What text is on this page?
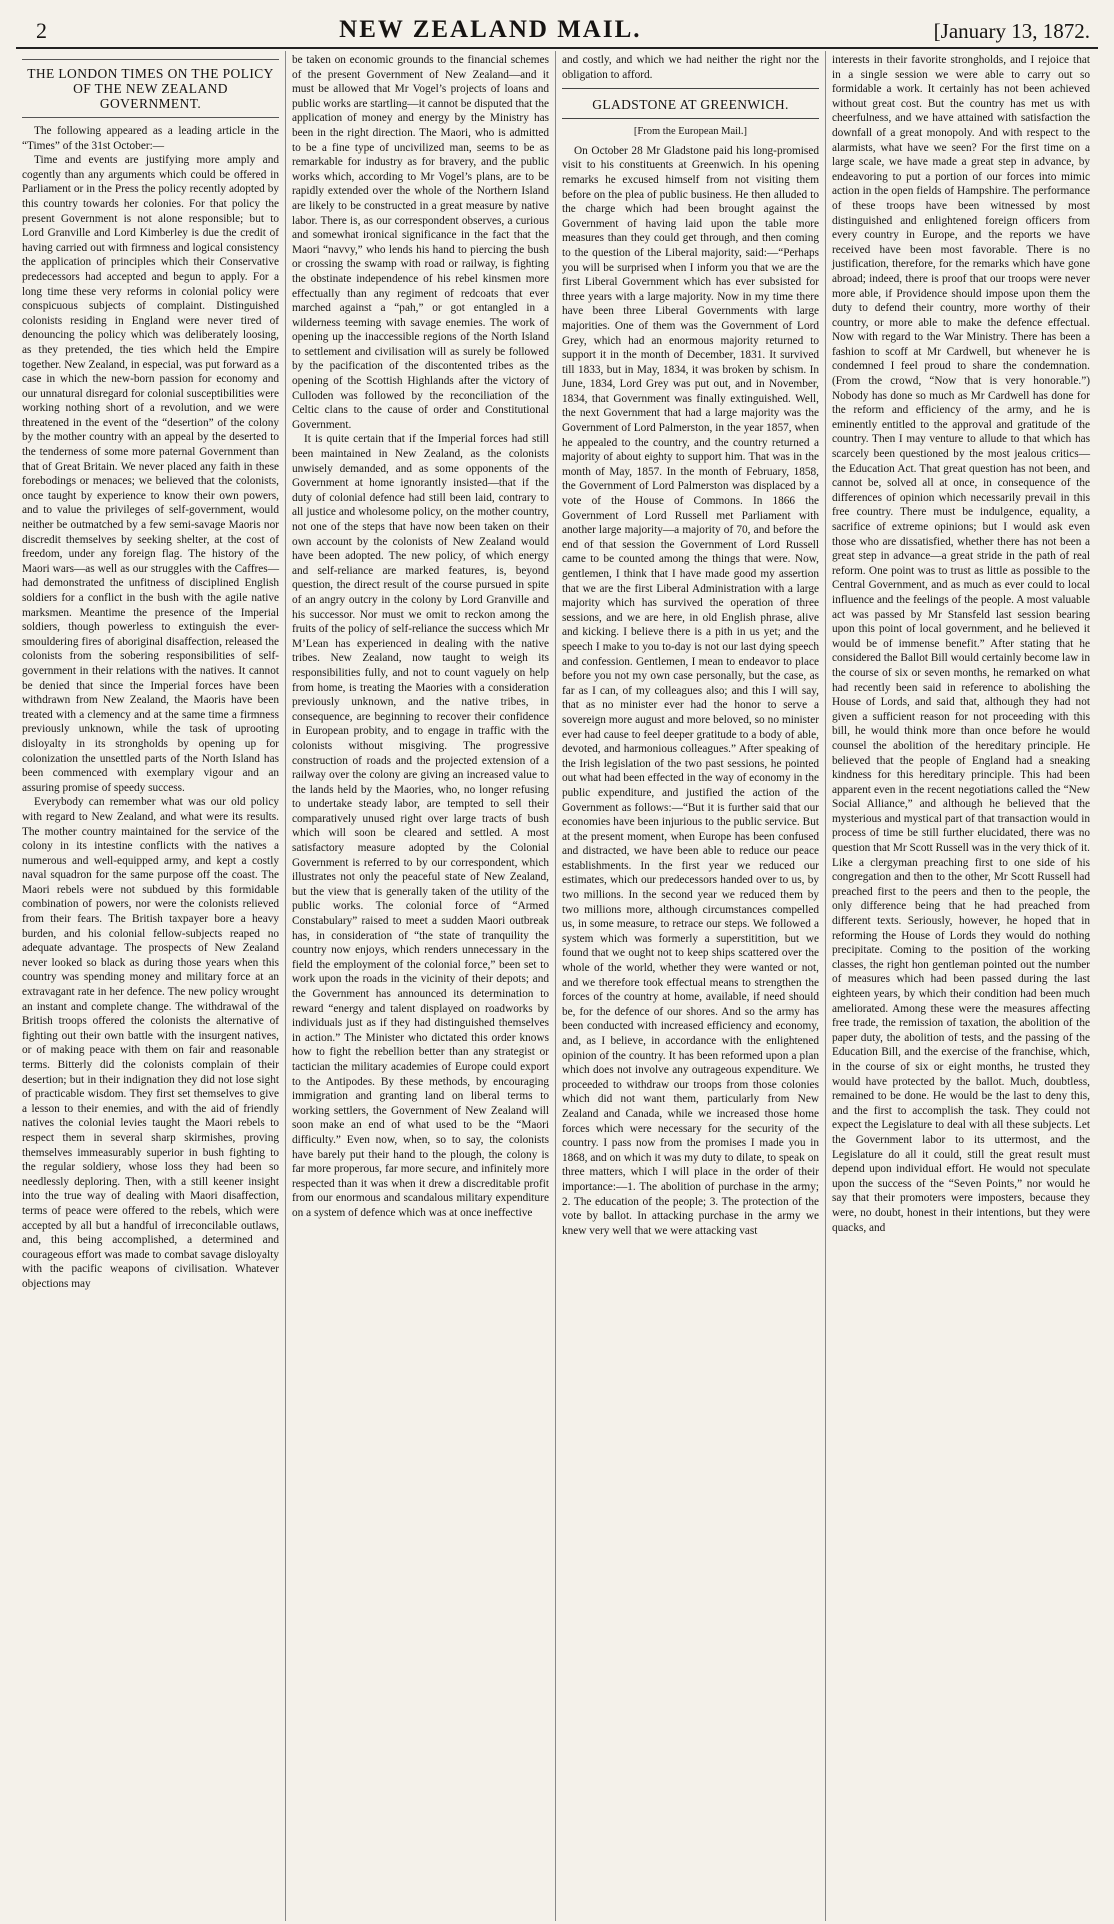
2	NEW ZEALAND MAIL.	[January 13, 1872.
THE LONDON TIMES ON THE POLICY OF THE NEW ZEALAND GOVERNMENT.

The following appeared as a leading article in the “Times” of the 31st October:—

Time and events are justifying more amply and cogently than any arguments which could be offered in Parliament or in the Press the policy recently adopted by this country towards her colonies. For that policy the present Government is not alone responsible; but to Lord Granville and Lord Kimberley is due the credit of having carried out with firmness and logical consistency the application of principles which their Conservative predecessors had accepted and begun to apply. For a long time these very reforms in colonial policy were conspicuous subjects of complaint. Distinguished colonists residing in England were never tired of denouncing the policy which was deliberately loosing, as they pretended, the ties which held the Empire together. New Zealand, in especial, was put forward as a case in which the new-born passion for economy and our unnatural disregard for colonial susceptibilities were working nothing short of a revolution, and we were threatened in the event of the “desertion” of the colony by the mother country with an appeal by the deserted to the tenderness of some more paternal Government than that of Great Britain. We never placed any faith in these forebodings or menaces; we believed that the colonists, once taught by experience to know their own powers, and to value the privileges of self-government, would neither be outmatched by a few semi-savage Maoris nor discredit themselves by seeking shelter, at the cost of freedom, under any foreign flag. The history of the Maori wars—as well as our struggles with the Caffres—had demonstrated the unfitness of disciplined English soldiers for a conflict in the bush with the agile native marksmen. Meantime the presence of the Imperial soldiers, though powerless to extinguish the ever-smouldering fires of aboriginal disaffection, released the colonists from the sobering responsibilities of self-government in their relations with the natives. It cannot be denied that since the Imperial forces have been withdrawn from New Zealand, the Maoris have been treated with a clemency and at the same time a firmness previously unknown, while the task of uprooting disloyalty in its strongholds by opening up for colonization the unsettled parts of the North Island has been commenced with exemplary vigour and an assuring promise of speedy success.

Everybody can remember what was our old policy with regard to New Zealand, and what were its results. The mother country maintained for the service of the colony in its intestine conflicts with the natives a numerous and well-equipped army, and kept a costly naval squadron for the same purpose off the coast. The Maori rebels were not subdued by this formidable combination of powers, nor were the colonists relieved from their fears. The British taxpayer bore a heavy burden, and his colonial fellow-subjects reaped no adequate advantage. The prospects of New Zealand never looked so black as during those years when this country was spending money and military force at an extravagant rate in her defence. The new policy wrought an instant and complete change. The withdrawal of the British troops offered the colonists the alternative of fighting out their own battle with the insurgent natives, or of making peace with them on fair and reasonable terms. Bitterly did the colonists complain of their desertion; but in their indignation they did not lose sight of practicable wisdom. They first set themselves to give a lesson to their enemies, and with the aid of friendly natives the colonial levies taught the Maori rebels to respect them in several sharp skirmishes, proving themselves immeasurably superior in bush fighting to the regular soldiery, whose loss they had been so needlessly deploring. Then, with a still keener insight into the true way of dealing with Maori disaffection, terms of peace were offered to the rebels, which were accepted by all but a handful of irreconcilable outlaws, and, this being accomplished, a determined and courageous effort was made to combat savage disloyalty with the pacific weapons of civilisation. Whatever objections may

be taken on economic grounds to the financial schemes of the present Government of New Zealand—and it must be allowed that Mr Vogel’s projects of loans and public works are startling—it cannot be disputed that the application of money and energy by the Ministry has been in the right direction. The Maori, who is admitted to be a fine type of uncivilized man, seems to be as remarkable for industry as for bravery, and the public works which, according to Mr Vogel’s plans, are to be rapidly extended over the whole of the Northern Island are likely to be constructed in a great measure by native labor. There is, as our correspondent observes, a curious and somewhat ironical significance in the fact that the Maori “navvy,” who lends his hand to piercing the bush or crossing the swamp with road or railway, is fighting the obstinate independence of his rebel kinsmen more effectually than any regiment of redcoats that ever marched against a “pah,” or got entangled in a wilderness teeming with savage enemies. The work of opening up the inaccessible regions of the North Island to settlement and civilisation will as surely be followed by the pacification of the discontented tribes as the opening of the Scottish Highlands after the victory of Culloden was followed by the reconciliation of the Celtic clans to the cause of order and Constitutional Government.

It is quite certain that if the Imperial forces had still been maintained in New Zealand, as the colonists unwisely demanded, and as some opponents of the Government at home ignorantly insisted—that if the duty of colonial defence had still been laid, contrary to all justice and wholesome policy, on the mother country, not one of the steps that have now been taken on their own account by the colonists of New Zealand would have been adopted. The new policy, of which energy and self-reliance are marked features, is, beyond question, the direct result of the course pursued in spite of an angry outcry in the colony by Lord Granville and his successor. Nor must we omit to reckon among the fruits of the policy of self-reliance the success which Mr M’Lean has experienced in dealing with the native tribes. New Zealand, now taught to weigh its responsibilities fully, and not to count vaguely on help from home, is treating the Maories with a consideration previously unknown, and the native tribes, in consequence, are beginning to recover their confidence in European probity, and to engage in traffic with the colonists without misgiving. The progressive construction of roads and the projected extension of a railway over the colony are giving an increased value to the lands held by the Maories, who, no longer refusing to undertake steady labor, are tempted to sell their comparatively unused right over large tracts of bush which will soon be cleared and settled. A most satisfactory measure adopted by the Colonial Government is referred to by our correspondent, which illustrates not only the peaceful state of New Zealand, but the view that is generally taken of the utility of the public works. The colonial force of “Armed Constabulary” raised to meet a sudden Maori outbreak has, in consideration of “the state of tranquility the country now enjoys, which renders unnecessary in the field the employment of the colonial force,” been set to work upon the roads in the vicinity of their depots; and the Government has announced its determination to reward “energy and talent displayed on roadworks by individuals just as if they had distinguished themselves in action.” The Minister who dictated this order knows how to fight the rebellion better than any strategist or tactician the military academies of Europe could export to the Antipodes. By these methods, by encouraging immigration and granting land on liberal terms to working settlers, the Government of New Zealand will soon make an end of what used to be the “Maori difficulty.” Even now, when, so to say, the colonists have barely put their hand to the plough, the colony is far more properous, far more secure, and infinitely more respected than it was when it drew a discreditable profit from our enormous and scandalous military expenditure on a system of defence which was at once ineffective

and costly, and which we had neither the right nor the obligation to afford.

GLADSTONE AT GREENWICH.
[From the European Mail.]

On October 28 Mr Gladstone paid his long-promised visit to his constituents at Greenwich. In his opening remarks he excused himself from not visiting them before on the plea of public business. He then alluded to the charge which had been brought against the Government of having laid upon the table more measures than they could get through, and then coming to the question of the Liberal majority, said:—“Perhaps you will be surprised when I inform you that we are the first Liberal Government which has ever subsisted for three years with a large majority. Now in my time there have been three Liberal Governments with large majorities. One of them was the Government of Lord Grey, which had an enormous majority returned to support it in the month of December, 1831. It survived till 1833, but in May, 1834, it was broken by schism. In June, 1834, Lord Grey was put out, and in November, 1834, that Government was finally extinguished. Well, the next Government that had a large majority was the Government of Lord Palmerston, in the year 1857, when he appealed to the country, and the country returned a majority of about eighty to support him. That was in the month of May, 1857. In the month of February, 1858, the Government of Lord Palmerston was displaced by a vote of the House of Commons. In 1866 the Government of Lord Russell met Parliament with another large majority—a majority of 70, and before the end of that session the Government of Lord Russell came to be counted among the things that were. Now, gentlemen, I think that I have made good my assertion that we are the first Liberal Administration with a large majority which has survived the operation of three sessions, and we are here, in old English phrase, alive and kicking. I believe there is a pith in us yet; and the speech I make to you to-day is not our last dying speech and confession. Gentlemen, I mean to endeavor to place before you not my own case personally, but the case, as far as I can, of my colleagues also; and this I will say, that as no minister ever had the honor to serve a sovereign more august and more beloved, so no minister ever had cause to feel deeper gratitude to a body of able, devoted, and harmonious colleagues.” After speaking of the Irish legislation of the two past sessions, he pointed out what had been effected in the way of economy in the public expenditure, and justified the action of the Government as follows:—“But it is further said that our economies have been injurious to the public service. But at the present moment, when Europe has been confused and distracted, we have been able to reduce our peace establishments. In the first year we reduced our estimates, which our predecessors handed over to us, by two millions. In the second year we reduced them by two millions more, although circumstances compelled us, in some measure, to retrace our steps. We followed a system which was formerly a superstitition, but we found that we ought not to keep ships scattered over the whole of the world, whether they were wanted or not, and we therefore took effectual means to strengthen the forces of the country at home, available, if need should be, for the defence of our shores. And so the army has been conducted with increased efficiency and economy, and, as I believe, in accordance with the enlightened opinion of the country. It has been reformed upon a plan which does not involve any outrageous expenditure. We proceeded to withdraw our troops from those colonies which did not want them, particularly from New Zealand and Canada, while we increased those home forces which were necessary for the security of the country. I pass now from the promises I made you in 1868, and on which it was my duty to dilate, to speak on three matters, which I will place in the order of their importance:—1. The abolition of purchase in the army; 2. The education of the people; 3. The protection of the vote by ballot. In attacking purchase in the army we knew very well that we were attacking vast

interests in their favorite strongholds, and I rejoice that in a single session we were able to carry out so formidable a work. It certainly has not been achieved without great cost. But the country has met us with cheerfulness, and we have attained with satisfaction the downfall of a great monopoly. And with respect to the alarmists, what have we seen? For the first time on a large scale, we have made a great step in advance, by endeavoring to put a portion of our forces into mimic action in the open fields of Hampshire. The performance of these troops have been witnessed by most distinguished and enlightened foreign officers from every country in Europe, and the reports we have received have been most favorable. There is no justification, therefore, for the remarks which have gone abroad; indeed, there is proof that our troops were never more able, if Providence should impose upon them the duty to defend their country, more worthy of their country, or more able to make the defence effectual. Now with regard to the War Ministry. There has been a fashion to scoff at Mr Cardwell, but whenever he is condemned I feel proud to share the condemnation. (From the crowd, “Now that is very honorable.”) Nobody has done so much as Mr Cardwell has done for the reform and efficiency of the army, and he is eminently entitled to the approval and gratitude of the country. Then I may venture to allude to that which has scarcely been questioned by the most jealous critics—the Education Act. That great question has not been, and cannot be, solved all at once, in consequence of the differences of opinion which necessarily prevail in this free country. There must be indulgence, equality, a sacrifice of extreme opinions; but I would ask even those who are dissatisfied, whether there has not been a great step in advance—a great stride in the path of real reform. One point was to trust as little as possible to the Central Government, and as much as ever could to local influence and the feelings of the people. A most valuable act was passed by Mr Stansfeld last session bearing upon this point of local government, and he believed it would be of immense benefit.” After stating that he considered the Ballot Bill would certainly become law in the course of six or seven months, he remarked on what had recently been said in reference to abolishing the House of Lords, and said that, although they had not given a sufficient reason for not proceeding with this bill, he would think more than once before he would counsel the abolition of the hereditary principle. He believed that the people of England had a sneaking kindness for this hereditary principle. This had been apparent even in the recent negotiations called the “New Social Alliance,” and although he believed that the mysterious and mystical part of that transaction would in process of time be still further elucidated, there was no question that Mr Scott Russell was in the very thick of it. Like a clergyman preaching first to one side of his congregation and then to the other, Mr Scott Russell had preached first to the peers and then to the people, the only difference being that he had preached from different texts. Seriously, however, he hoped that in reforming the House of Lords they would do nothing precipitate. Coming to the position of the working classes, the right hon gentleman pointed out the number of measures which had been passed during the last eighteen years, by which their condition had been much ameliorated. Among these were the measures affecting free trade, the remission of taxation, the abolition of the paper duty, the abolition of tests, and the passing of the Education Bill, and the exercise of the franchise, which, in the course of six or eight months, he trusted they would have protected by the ballot. Much, doubtless, remained to be done. He would be the last to deny this, and the first to accomplish the task. They could not expect the Legislature to deal with all these subjects. Let the Government labor to its uttermost, and the Legislature do all it could, still the great result must depend upon individual effort. He would not speculate upon the success of the “Seven Points,” nor would he say that their promoters were imposters, because they were, no doubt, honest in their intentions, but they were quacks, and
